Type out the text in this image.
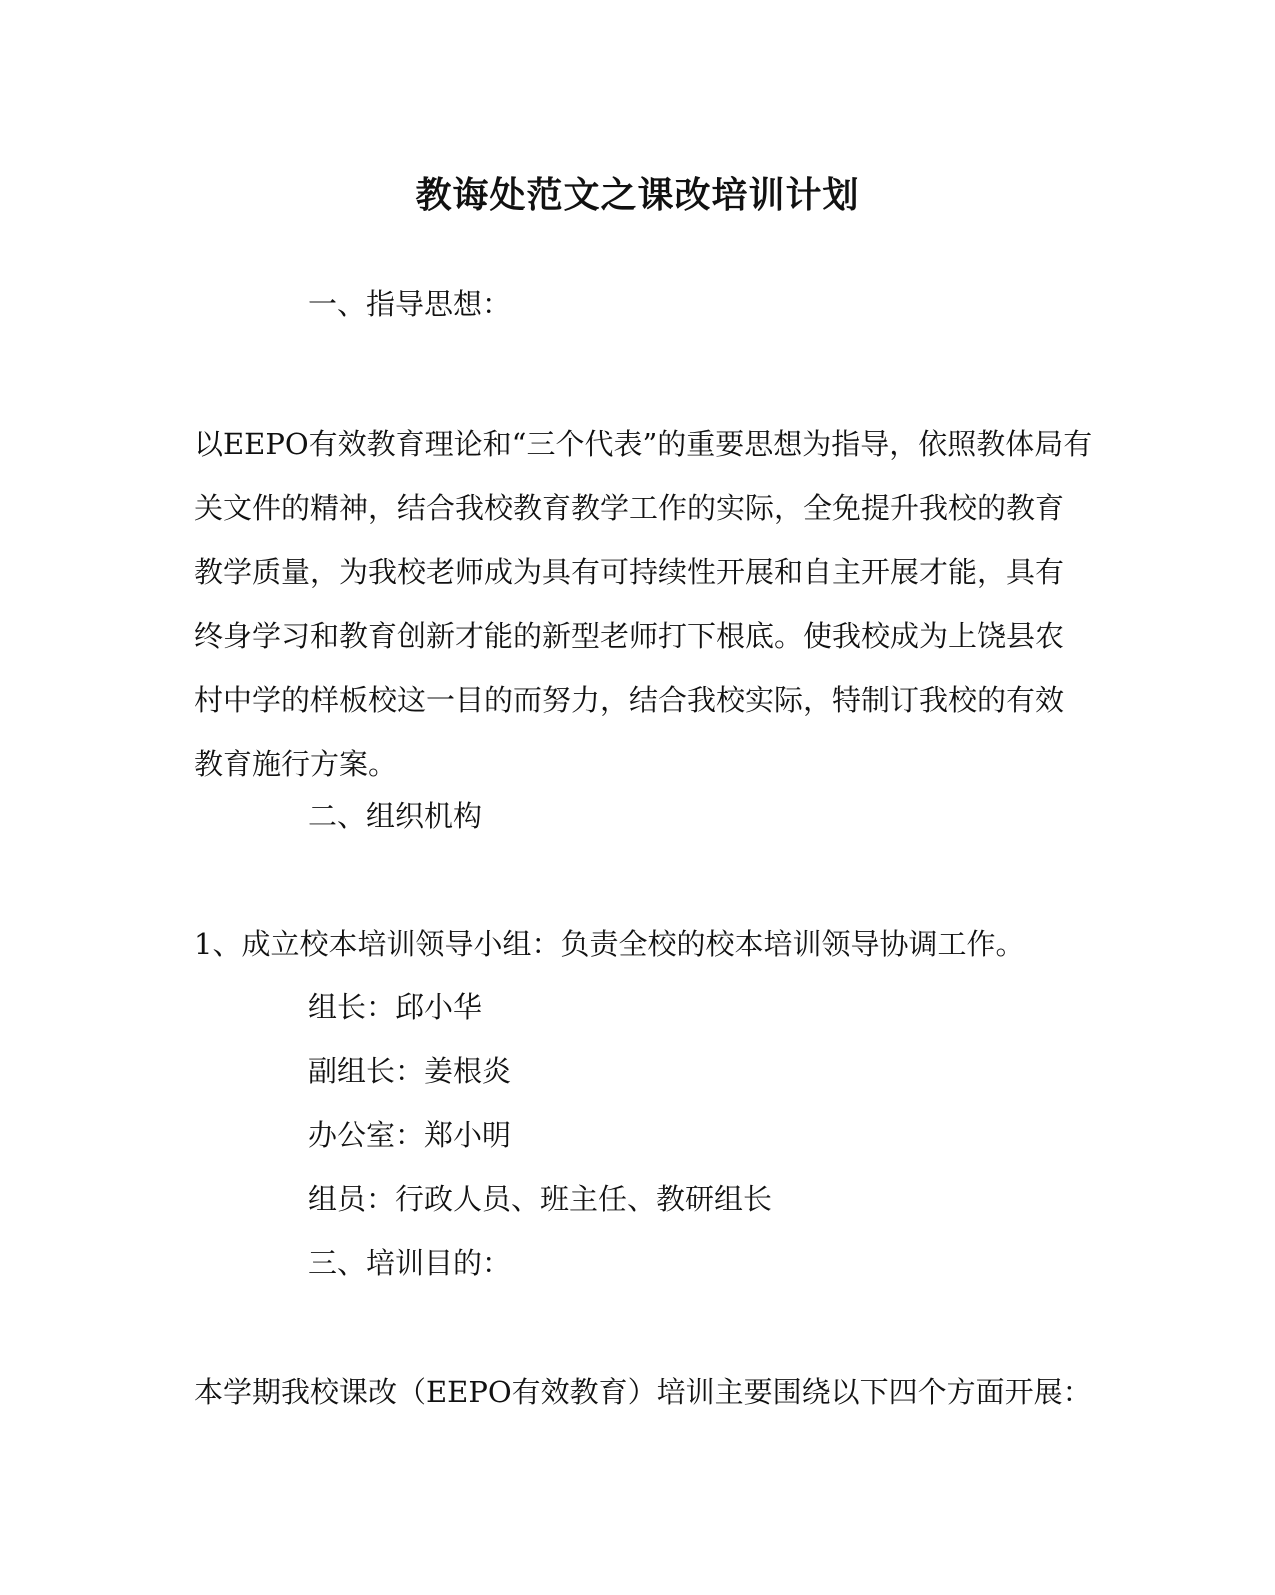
教诲处范文之课改培训计划
一、指导思想：
以EEPO有效教育理论和“三个代表”的重要思想为指导，依照教体局有
关文件的精神，结合我校教育教学工作的实际，全免提升我校的教育
教学质量，为我校老师成为具有可持续性开展和自主开展才能，具有
终身学习和教育创新才能的新型老师打下根底。使我校成为上饶县农
村中学的样板校这一目的而努力，结合我校实际，特制订我校的有效
教育施行方案。
二、组织机构
1、成立校本培训领导小组：负责全校的校本培训领导协调工作。
组长：邱小华
副组长：姜根炎
办公室：郑小明
组员：行政人员、班主任、教研组长
三、培训目的：
本学期我校课改（EEPO有效教育）培训主要围绕以下四个方面开展：
